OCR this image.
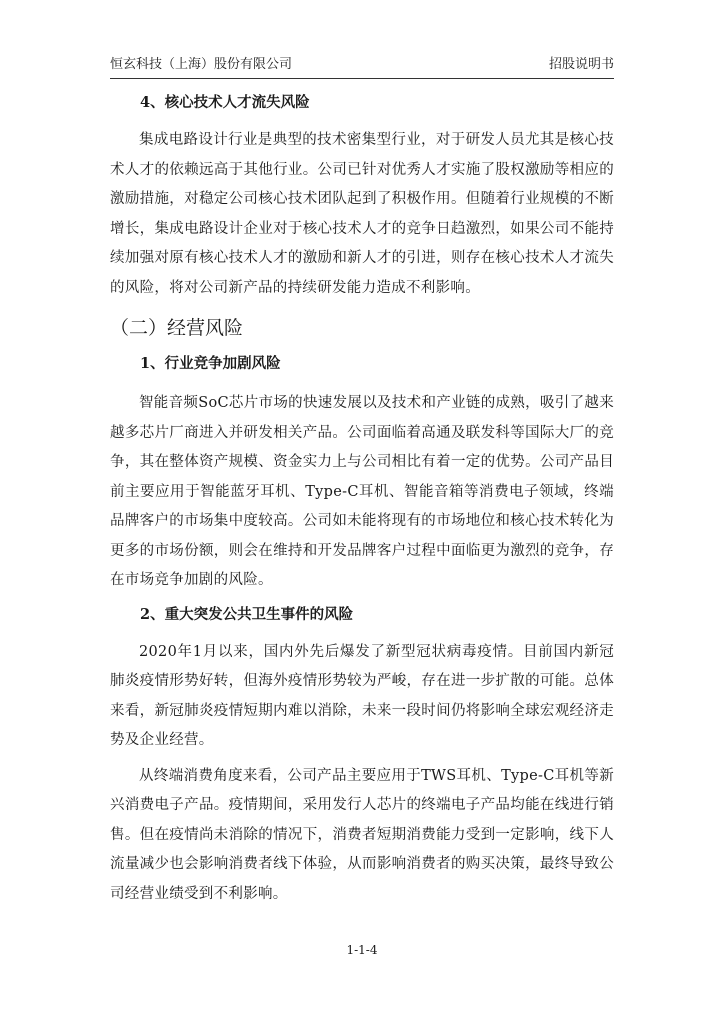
恒玄科技（上海）股份有限公司	招股说明书
4、核心技术人才流失风险

集成电路设计行业是典型的技术密集型行业，对于研发人员尤其是核心技术人才的依赖远高于其他行业。公司已针对优秀人才实施了股权激励等相应的激励措施，对稳定公司核心技术团队起到了积极作用。但随着行业规模的不断增长，集成电路设计企业对于核心技术人才的竞争日趋激烈，如果公司不能持续加强对原有核心技术人才的激励和新人才的引进，则存在核心技术人才流失的风险，将对公司新产品的持续研发能力造成不利影响。

（二）经营风险
1、行业竞争加剧风险

智能音频SoC芯片市场的快速发展以及技术和产业链的成熟，吸引了越来越多芯片厂商进入并研发相关产品。公司面临着高通及联发科等国际大厂的竞争，其在整体资产规模、资金实力上与公司相比有着一定的优势。公司产品目前主要应用于智能蓝牙耳机、Type-C耳机、智能音箱等消费电子领域，终端品牌客户的市场集中度较高。公司如未能将现有的市场地位和核心技术转化为更多的市场份额，则会在维持和开发品牌客户过程中面临更为激烈的竞争，存在市场竞争加剧的风险。

2、重大突发公共卫生事件的风险

2020年1月以来，国内外先后爆发了新型冠状病毒疫情。目前国内新冠肺炎疫情形势好转，但海外疫情形势较为严峻，存在进一步扩散的可能。总体来看，新冠肺炎疫情短期内难以消除，未来一段时间仍将影响全球宏观经济走势及企业经营。

从终端消费角度来看，公司产品主要应用于TWS耳机、Type-C耳机等新兴消费电子产品。疫情期间，采用发行人芯片的终端电子产品均能在线进行销售。但在疫情尚未消除的情况下，消费者短期消费能力受到一定影响，线下人流量减少也会影响消费者线下体验，从而影响消费者的购买决策，最终导致公司经营业绩受到不利影响。

1-1-4
